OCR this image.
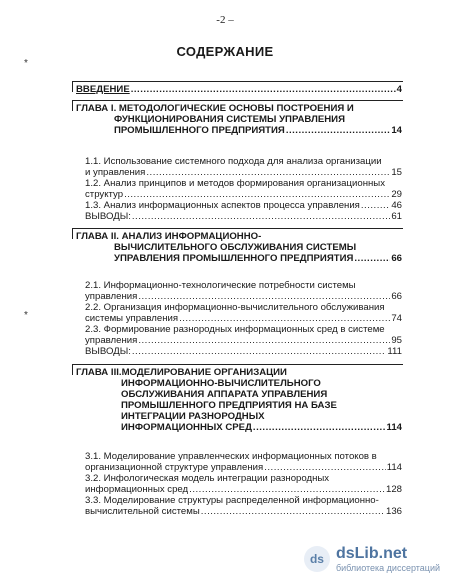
-2 –
СОДЕРЖАНИЕ
*
*
ВВЕДЕНИЕ .....	4
ГЛАВА I. МЕТОДОЛОГИЧЕСКИЕ ОСНОВЫ ПОСТРОЕНИЯ И
ФУНКЦИОНИРОВАНИЯ СИСТЕМЫ УПРАВЛЕНИЯ
ПРОМЫШЛЕННОГО ПРЕДПРИЯТИЯ .....	14
1.1. Использование системного подхода для анализа организации
и управления .....	15
1.2. Анализ принципов и методов формирования организационных
структур .....	29
1.3. Анализ информационных аспектов процесса управления .....	46
ВЫВОДЫ: .....	61
ГЛАВА II. АНАЛИЗ ИНФОРМАЦИОННО-
ВЫЧИСЛИТЕЛЬНОГО ОБСЛУЖИВАНИЯ СИСТЕМЫ
УПРАВЛЕНИЯ ПРОМЫШЛЕННОГО ПРЕДПРИЯТИЯ .....	66
2.1. Информационно-технологические потребности системы
управления .....	66
2.2. Организация информационно-вычислительного обслуживания
системы управления .....	74
2.3. Формирование разнородных информационных сред в системе
управления .....	95
ВЫВОДЫ: .....	111
ГЛАВА III.МОДЕЛИРОВАНИЕ ОРГАНИЗАЦИИ
ИНФОРМАЦИОННО-ВЫЧИСЛИТЕЛЬНОГО
ОБСЛУЖИВАНИЯ АППАРАТА УПРАВЛЕНИЯ
ПРОМЫШЛЕННОГО ПРЕДПРИЯТИЯ НА БАЗЕ
ИНТЕГРАЦИИ РАЗНОРОДНЫХ
ИНФОРМАЦИОННЫХ СРЕД .....	114
3.1. Моделирование управленческих информационных потоков в
организационной структуре управления .....	114
3.2. Инфологическая модель интеграции разнородных
информационных сред .....	128
3.3. Моделирование структуры распределенной информационно-
вычислительной системы .....	136
ds dsLib.net
библиотека диссертаций
